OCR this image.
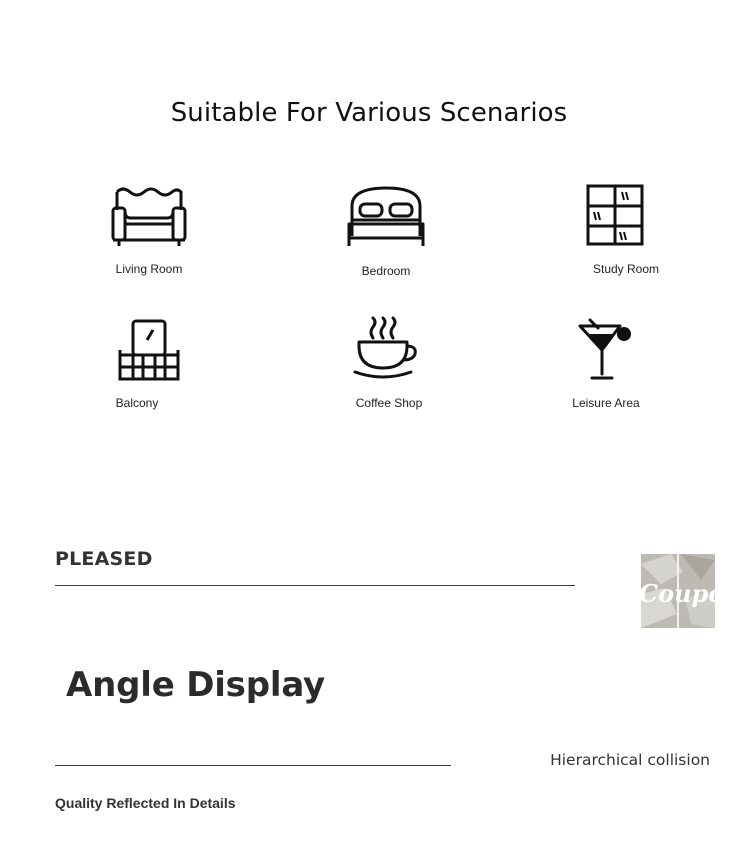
Suitable For Various Scenarios
Living Room	Bedroom	Study Room
Balcony	Coffee Shop	Leisure Area
PLEASED
Coupon
Angle Display
Hierarchical collision
Quality Reflected In Details
